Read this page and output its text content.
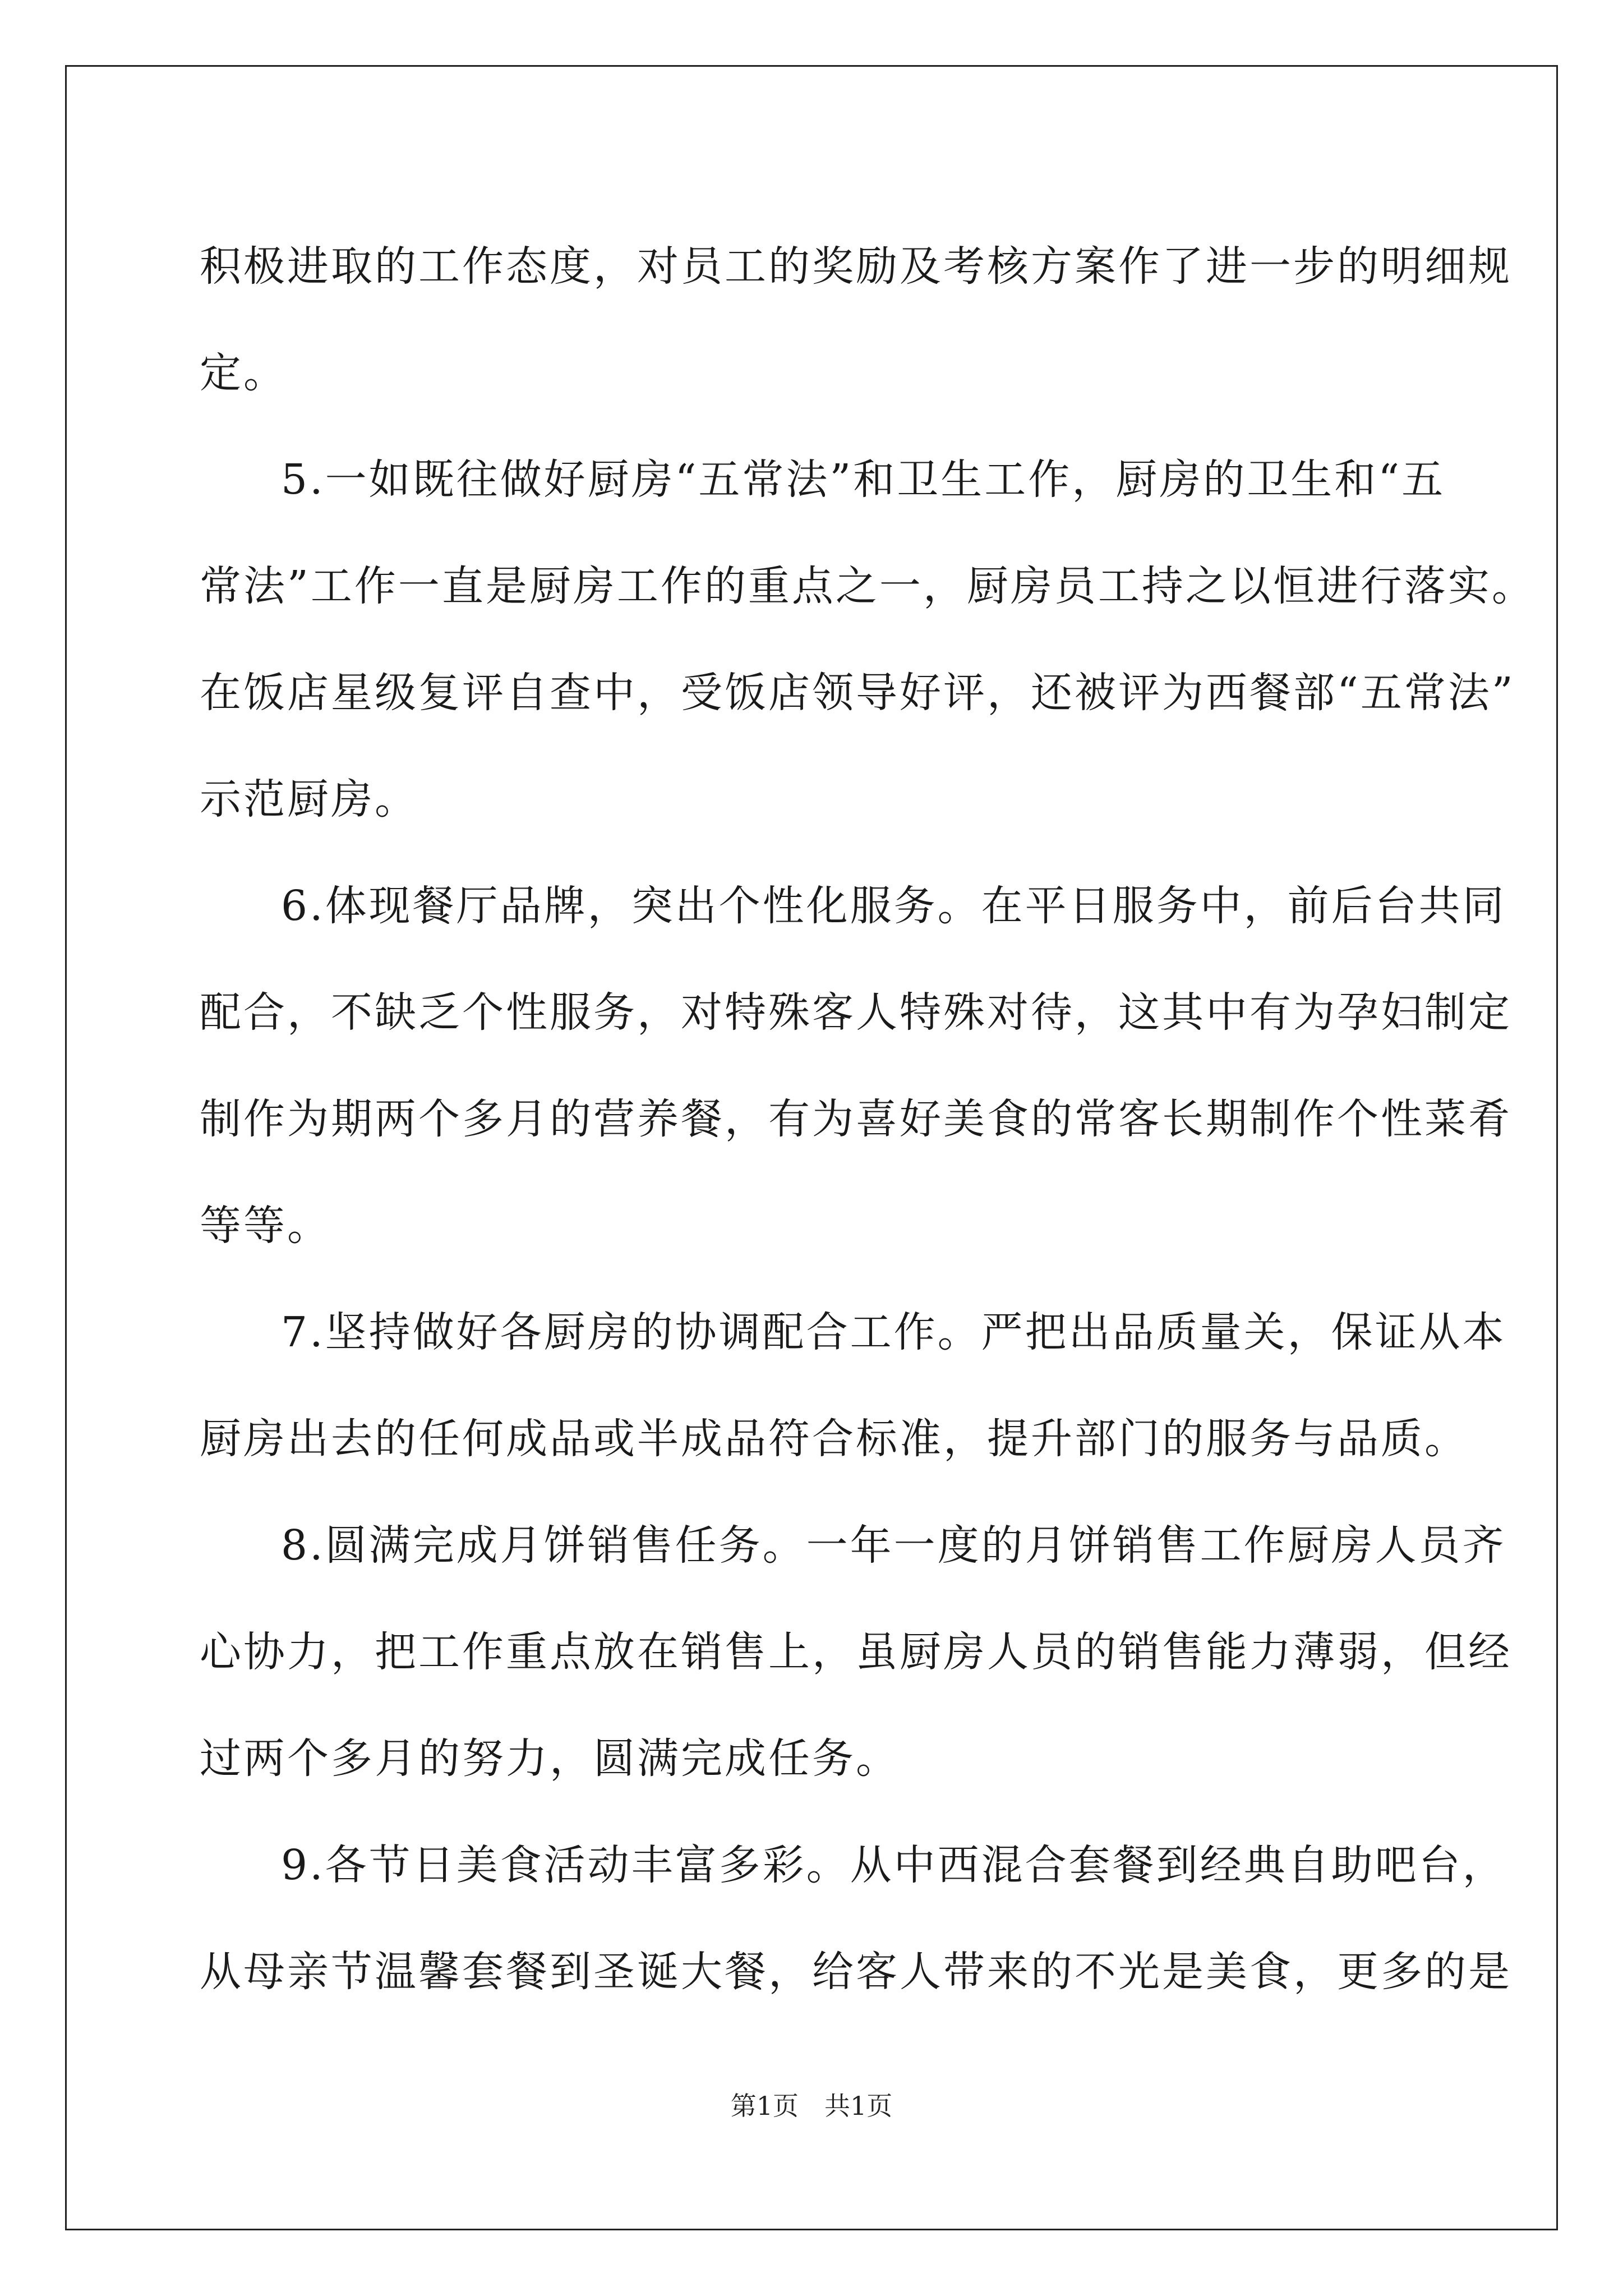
积极进取的工作态度，对员工的奖励及考核方案作了进一步的明细规
定。
5.一如既往做好厨房“五常法”和卫生工作，厨房的卫生和“五
常法”工作一直是厨房工作的重点之一，厨房员工持之以恒进行落实。
在饭店星级复评自查中，受饭店领导好评，还被评为西餐部“五常法”
示范厨房。
6.体现餐厅品牌，突出个性化服务。在平日服务中，前后台共同
配合，不缺乏个性服务，对特殊客人特殊对待，这其中有为孕妇制定
制作为期两个多月的营养餐，有为喜好美食的常客长期制作个性菜肴
等等。
7.坚持做好各厨房的协调配合工作。严把出品质量关，保证从本
厨房出去的任何成品或半成品符合标准，提升部门的服务与品质。
8.圆满完成月饼销售任务。一年一度的月饼销售工作厨房人员齐
心协力，把工作重点放在销售上，虽厨房人员的销售能力薄弱，但经
过两个多月的努力，圆满完成任务。
9.各节日美食活动丰富多彩。从中西混合套餐到经典自助吧台，
从母亲节温馨套餐到圣诞大餐，给客人带来的不光是美食，更多的是
第1页　共1页
